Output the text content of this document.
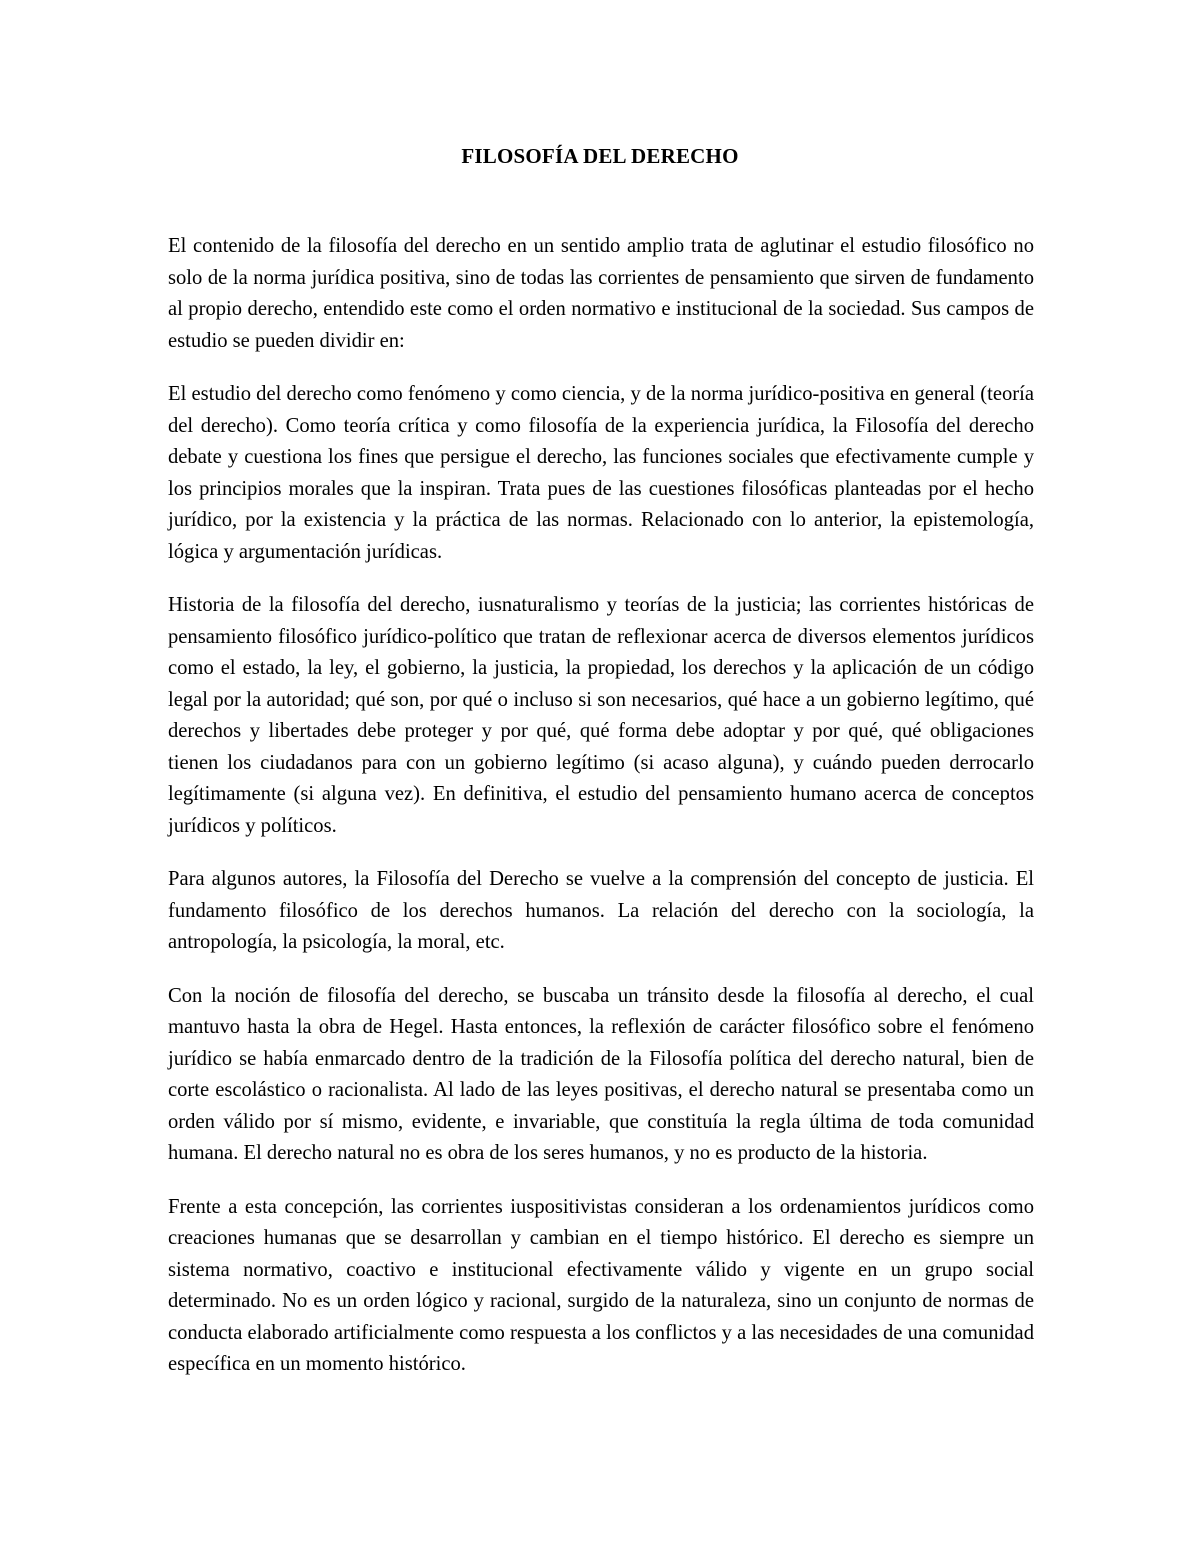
FILOSOFÍA DEL DERECHO

El contenido de la filosofía del derecho en un sentido amplio trata de aglutinar el estudio filosófico no solo de la norma jurídica positiva, sino de todas las corrientes de pensamiento que sirven de fundamento al propio derecho, entendido este como el orden normativo e institucional de la sociedad. Sus campos de estudio se pueden dividir en:

El estudio del derecho como fenómeno y como ciencia, y de la norma jurídico-positiva en general (teoría del derecho). Como teoría crítica y como filosofía de la experiencia jurídica, la Filosofía del derecho debate y cuestiona los fines que persigue el derecho, las funciones sociales que efectivamente cumple y los principios morales que la inspiran. Trata pues de las cuestiones filosóficas planteadas por el hecho jurídico, por la existencia y la práctica de las normas. Relacionado con lo anterior, la epistemología, lógica y argumentación jurídicas.

Historia de la filosofía del derecho, iusnaturalismo y teorías de la justicia; las corrientes históricas de pensamiento filosófico jurídico-político que tratan de reflexionar acerca de diversos elementos jurídicos como el estado, la ley, el gobierno, la justicia, la propiedad, los derechos y la aplicación de un código legal por la autoridad; qué son, por qué o incluso si son necesarios, qué hace a un gobierno legítimo, qué derechos y libertades debe proteger y por qué, qué forma debe adoptar y por qué, qué obligaciones tienen los ciudadanos para con un gobierno legítimo (si acaso alguna), y cuándo pueden derrocarlo legítimamente (si alguna vez). En definitiva, el estudio del pensamiento humano acerca de conceptos jurídicos y políticos.

Para algunos autores, la Filosofía del Derecho se vuelve a la comprensión del concepto de justicia. El fundamento filosófico de los derechos humanos. La relación del derecho con la sociología, la antropología, la psicología, la moral, etc.

Con la noción de filosofía del derecho, se buscaba un tránsito desde la filosofía al derecho, el cual mantuvo hasta la obra de Hegel. Hasta entonces, la reflexión de carácter filosófico sobre el fenómeno jurídico se había enmarcado dentro de la tradición de la Filosofía política del derecho natural, bien de corte escolástico o racionalista. Al lado de las leyes positivas, el derecho natural se presentaba como un orden válido por sí mismo, evidente, e invariable, que constituía la regla última de toda comunidad humana. El derecho natural no es obra de los seres humanos, y no es producto de la historia.

Frente a esta concepción, las corrientes iuspositivistas consideran a los ordenamientos jurídicos como creaciones humanas que se desarrollan y cambian en el tiempo histórico. El derecho es siempre un sistema normativo, coactivo e institucional efectivamente válido y vigente en un grupo social determinado. No es un orden lógico y racional, surgido de la naturaleza, sino un conjunto de normas de conducta elaborado artificialmente como respuesta a los conflictos y a las necesidades de una comunidad específica en un momento histórico.
